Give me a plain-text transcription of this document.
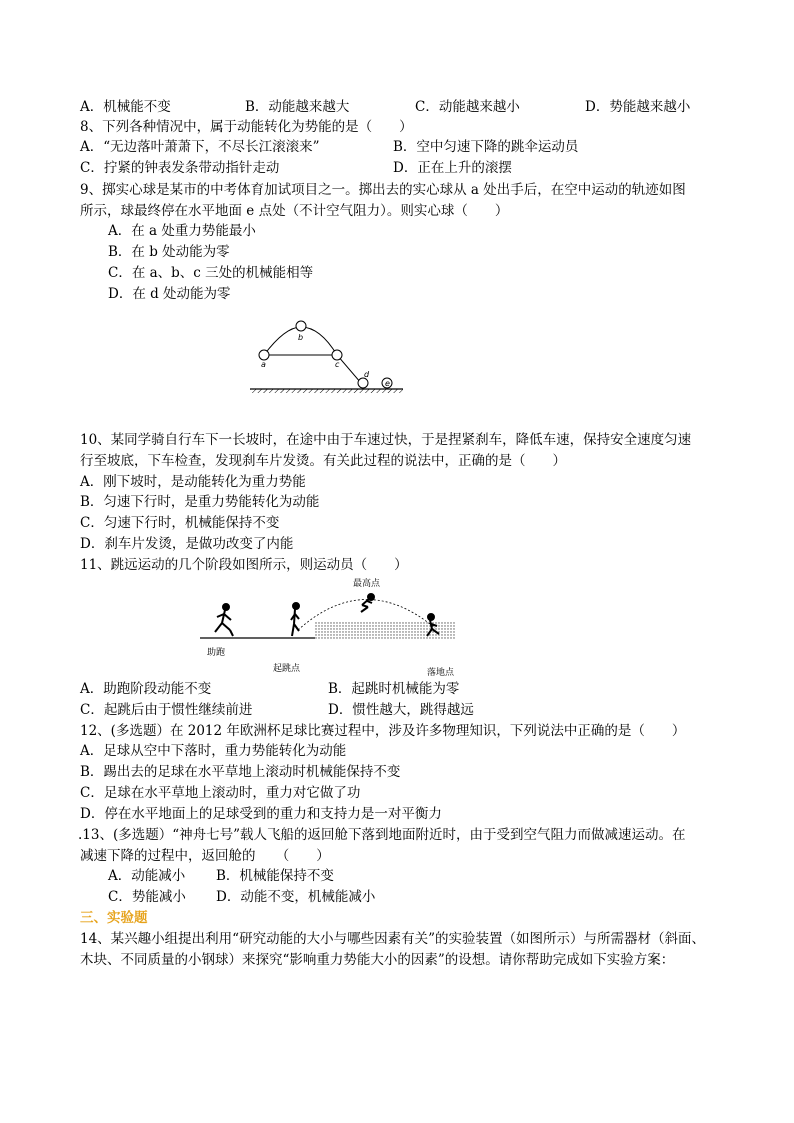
A．机械能不变	B．动能越来越大	C．动能越来越小	D．势能越来越小
8、下列各种情况中，属于动能转化为势能的是（　　）
A．“无边落叶萧萧下，不尽长江滚滚来”	B．空中匀速下降的跳伞运动员
C．拧紧的钟表发条带动指针走动	D．正在上升的滚摆
9、掷实心球是某市的中考体育加试项目之一。掷出去的实心球从 a 处出手后，在空中运动的轨迹如图
所示，球最终停在水平地面 e 点处（不计空气阻力）。则实心球（　　）
A．在 a 处重力势能最小
B．在 b 处动能为零
C．在 a、b、c 三处的机械能相等
D．在 d 处动能为零
a
b
c
d
e
10、某同学骑自行车下一长坡时，在途中由于车速过快，于是捏紧刹车，降低车速，保持安全速度匀速
行至坡底，下车检查，发现刹车片发烫。有关此过程的说法中，正确的是（　　）
A．刚下坡时，是动能转化为重力势能
B．匀速下行时，是重力势能转化为动能
C．匀速下行时，机械能保持不变
D．刹车片发烫，是做功改变了内能
11、跳远运动的几个阶段如图所示，则运动员（　　）
最高点
助跑
起跳点	落地点
A．助跑阶段动能不变	B．起跳时机械能为零
C．起跳后由于惯性继续前进	D．惯性越大，跳得越远
12、(多选题）在 2012 年欧洲杯足球比赛过程中，涉及许多物理知识，下列说法中正确的是（　　）
A．足球从空中下落时，重力势能转化为动能
B．踢出去的足球在水平草地上滚动时机械能保持不变
C．足球在水平草地上滚动时，重力对它做了功
D．停在水平地面上的足球受到的重力和支持力是一对平衡力
.13、(多选题）“神舟七号”载人飞船的返回舱下落到地面附近时，由于受到空气阻力而做减速运动。在
减速下降的过程中，返回舱的　　（　　）
A．动能减小 B．机械能保持不变
C．势能减小 D．动能不变，机械能减小
三、实验题
14、某兴趣小组提出利用“研究动能的大小与哪些因素有关”的实验装置（如图所示）与所需器材（斜面、
木块、不同质量的小钢球）来探究“影响重力势能大小的因素”的设想。请你帮助完成如下实验方案：
